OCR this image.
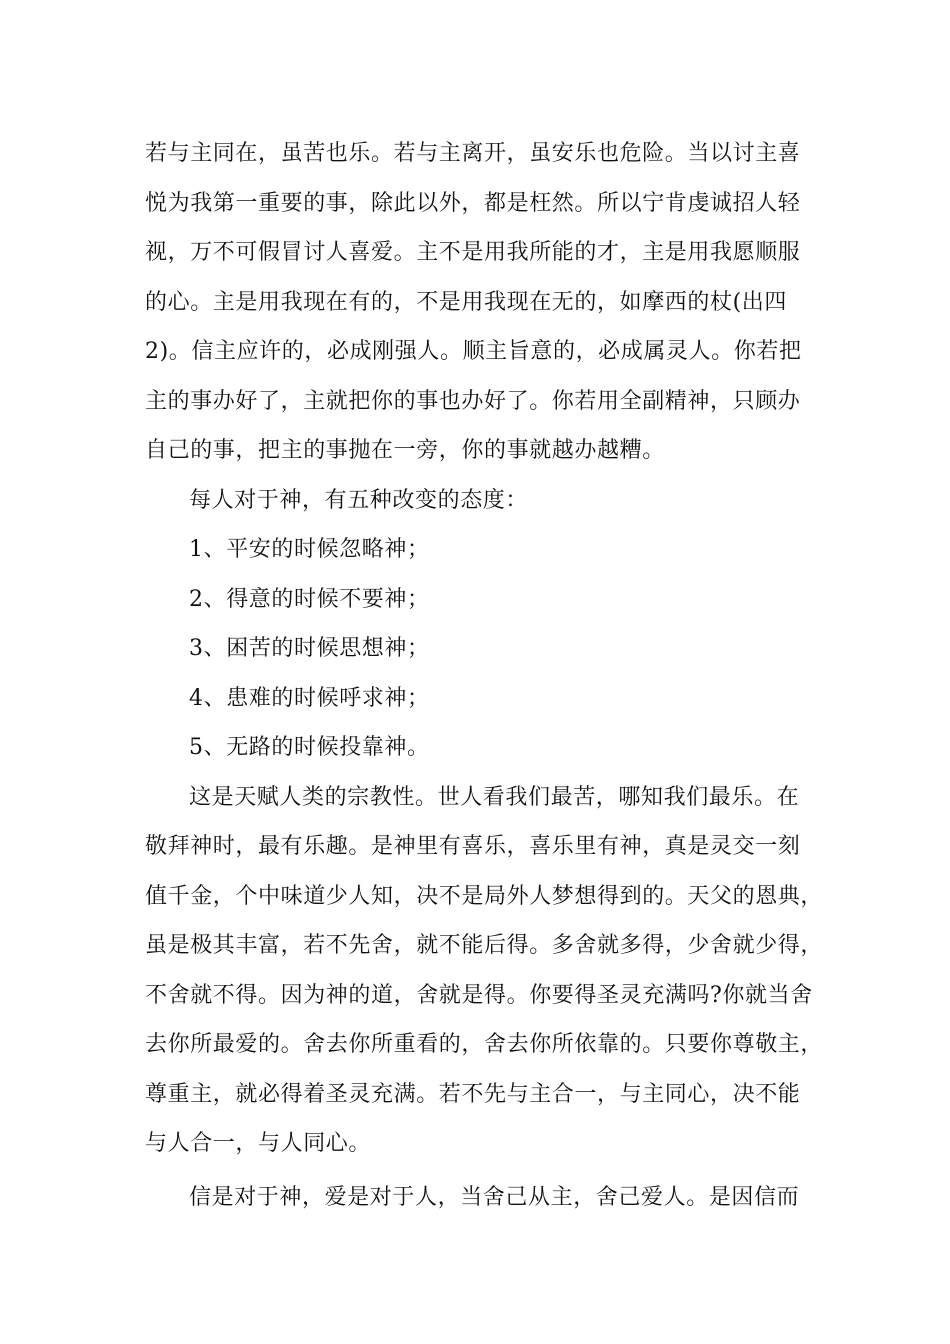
若与主同在，虽苦也乐。若与主离开，虽安乐也危险。当以讨主喜
悦为我第一重要的事，除此以外，都是枉然。所以宁肯虔诚招人轻
视，万不可假冒讨人喜爱。主不是用我所能的才，主是用我愿顺服
的心。主是用我现在有的，不是用我现在无的，如摩西的杖(出四
2)。信主应许的，必成刚强人。顺主旨意的，必成属灵人。你若把
主的事办好了，主就把你的事也办好了。你若用全副精神，只顾办
自己的事，把主的事抛在一旁，你的事就越办越糟。
每人对于神，有五种改变的态度：
1、平安的时候忽略神；
2、得意的时候不要神；
3、困苦的时候思想神；
4、患难的时候呼求神；
5、无路的时候投靠神。
这是天赋人类的宗教性。世人看我们最苦，哪知我们最乐。在
敬拜神时，最有乐趣。是神里有喜乐，喜乐里有神，真是灵交一刻
值千金，个中味道少人知，决不是局外人梦想得到的。天父的恩典，
虽是极其丰富，若不先舍，就不能后得。多舍就多得，少舍就少得，
不舍就不得。因为神的道，舍就是得。你要得圣灵充满吗?你就当舍
去你所最爱的。舍去你所重看的，舍去你所依靠的。只要你尊敬主，
尊重主，就必得着圣灵充满。若不先与主合一，与主同心，决不能
与人合一，与人同心。
信是对于神，爱是对于人，当舍己从主，舍己爱人。是因信而
